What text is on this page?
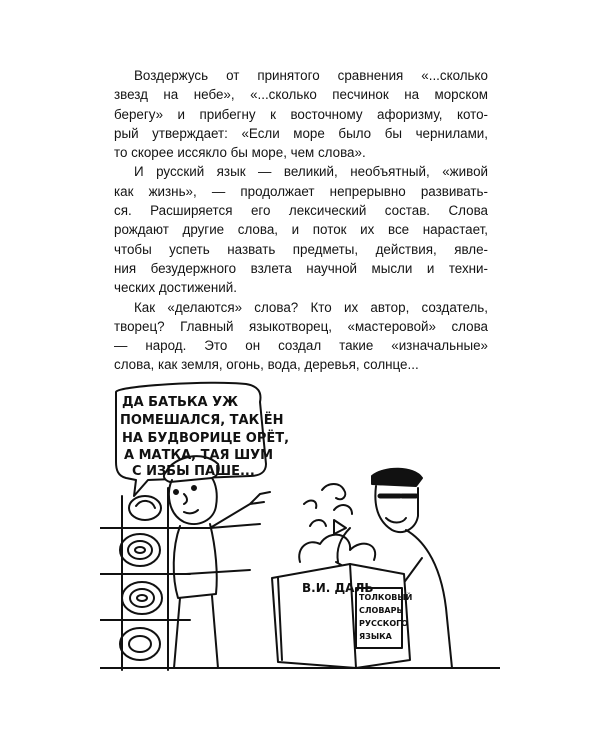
Воздержусь от принятого сравнения «...сколько
звезд на небе», «...сколько песчинок на морском
берегу» и прибегну к восточному афоризму, кото-
рый утверждает: «Если море было бы чернилами,
то скорее иссякло бы море, чем слова».
И русский язык — великий, необъятный, «живой
как жизнь», — продолжает непрерывно развивать-
ся. Расширяется его лексический состав. Слова
рождают другие слова, и поток их все нарастает,
чтобы успеть назвать предметы, действия, явле-
ния безудержного взлета научной мысли и техни-
ческих достижений.
Как «делаются» слова? Кто их автор, создатель,
творец? Главный языкотворец, «мастеровой» слова
— народ. Это он создал такие «изначальные»
слова, как земля, огонь, вода, деревья, солнце...
ДА БАТЬКА УЖ
ПОМЕШАЛСЯ, ТАК ЁН
НА БУДВОРИЦЕ ОРЁТ,
А МАТКА, ТАЯ ШУМ
С ИЗБЫ ПАШЕ...
В.И. ДАЛЬ
ТОЛКОВЫЙ
СЛОВАРЬ
РУССКОГО
ЯЗЫКА
